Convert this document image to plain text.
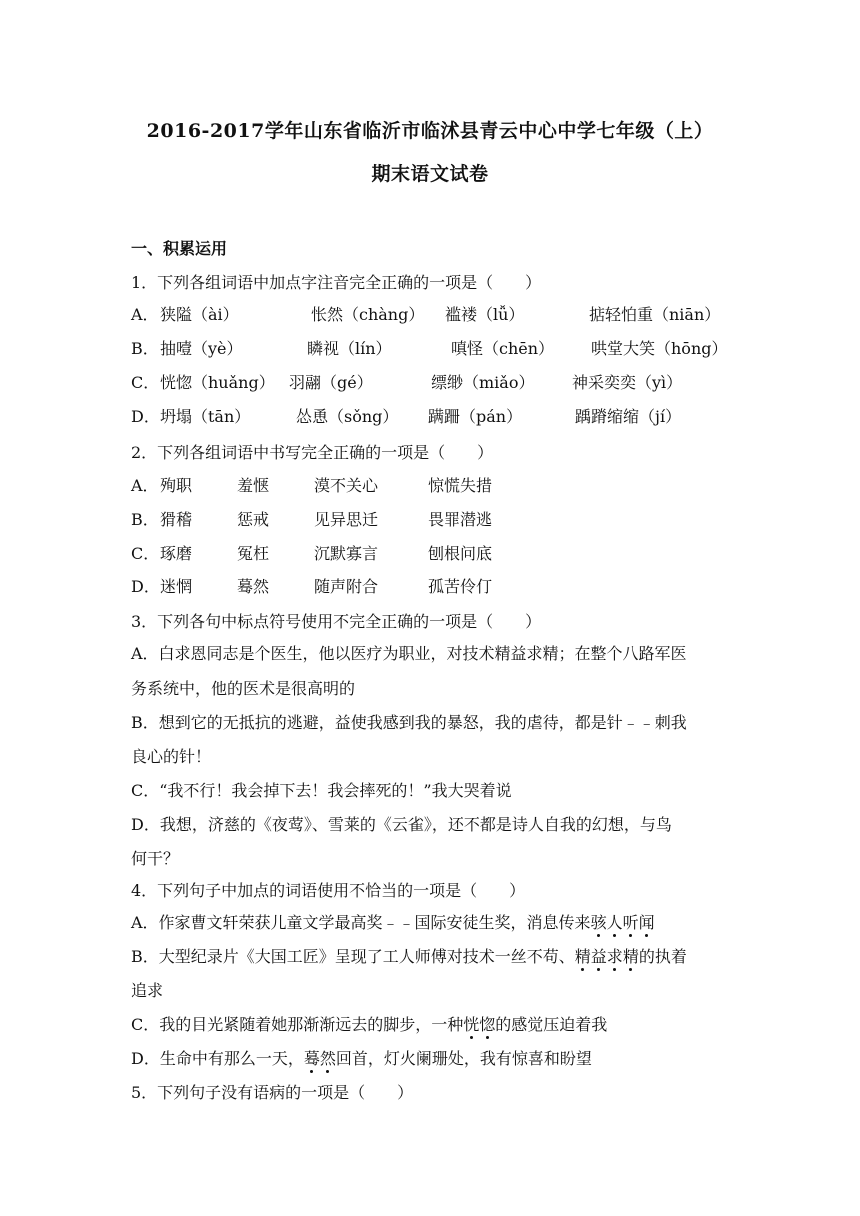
2016-2017学年山东省临沂市临沭县青云中心中学七年级（上）
期末语文试卷
一、积累运用
1．下列各组词语中加点字注音完全正确的一项是（　　）
A． 狭隘（ài）	怅然（chàng） 褴褛（lǚ）	掂轻怕重（niān）
B． 抽噎（yè）	瞵视（lín）	嗔怪（chēn） 哄堂大笑（hōng）
C． 恍惚（huǎng） 羽翮（gé）	缥缈（miǎo） 神采奕奕（yì）
D． 坍塌（tān）	怂恿（sǒng） 蹒跚（pán）	踽蹐缩缩（jí）
2．下列各组词语中书写完全正确的一项是（　　）
A． 殉职	羞惬	漠不关心	惊慌失措
B． 猾稽	惩戒	见异思迁	畏罪潜逃
C． 琢磨	冤枉	沉默寡言	刨根问底
D． 迷惘	蓦然	随声附合	孤苦伶仃
3．下列各句中标点符号使用不完全正确的一项是（　　）
A．白求恩同志是个医生，他以医疗为职业，对技术精益求精；在整个八路军医
务系统中，他的医术是很高明的
B．想到它的无抵抗的逃避，益使我感到我的暴怒，我的虐待，都是针﹣﹣刺我
良心的针！
C．“我不行！我会掉下去！我会摔死的！”我大哭着说
D．我想，济慈的《夜莺》、雪莱的《云雀》，还不都是诗人自我的幻想，与鸟
何干？
4．下列句子中加点的词语使用不恰当的一项是（　　）
A．作家曹文轩荣获儿童文学最高奖﹣﹣国际安徒生奖，消息传来骇人听闻
B．大型纪录片《大国工匠》呈现了工人师傅对技术一丝不苟、精益求精的执着
追求
C．我的目光紧随着她那渐渐远去的脚步，一种恍惚的感觉压迫着我
D．生命中有那么一天，蓦然回首，灯火阑珊处，我有惊喜和盼望
5．下列句子没有语病的一项是（　　）
